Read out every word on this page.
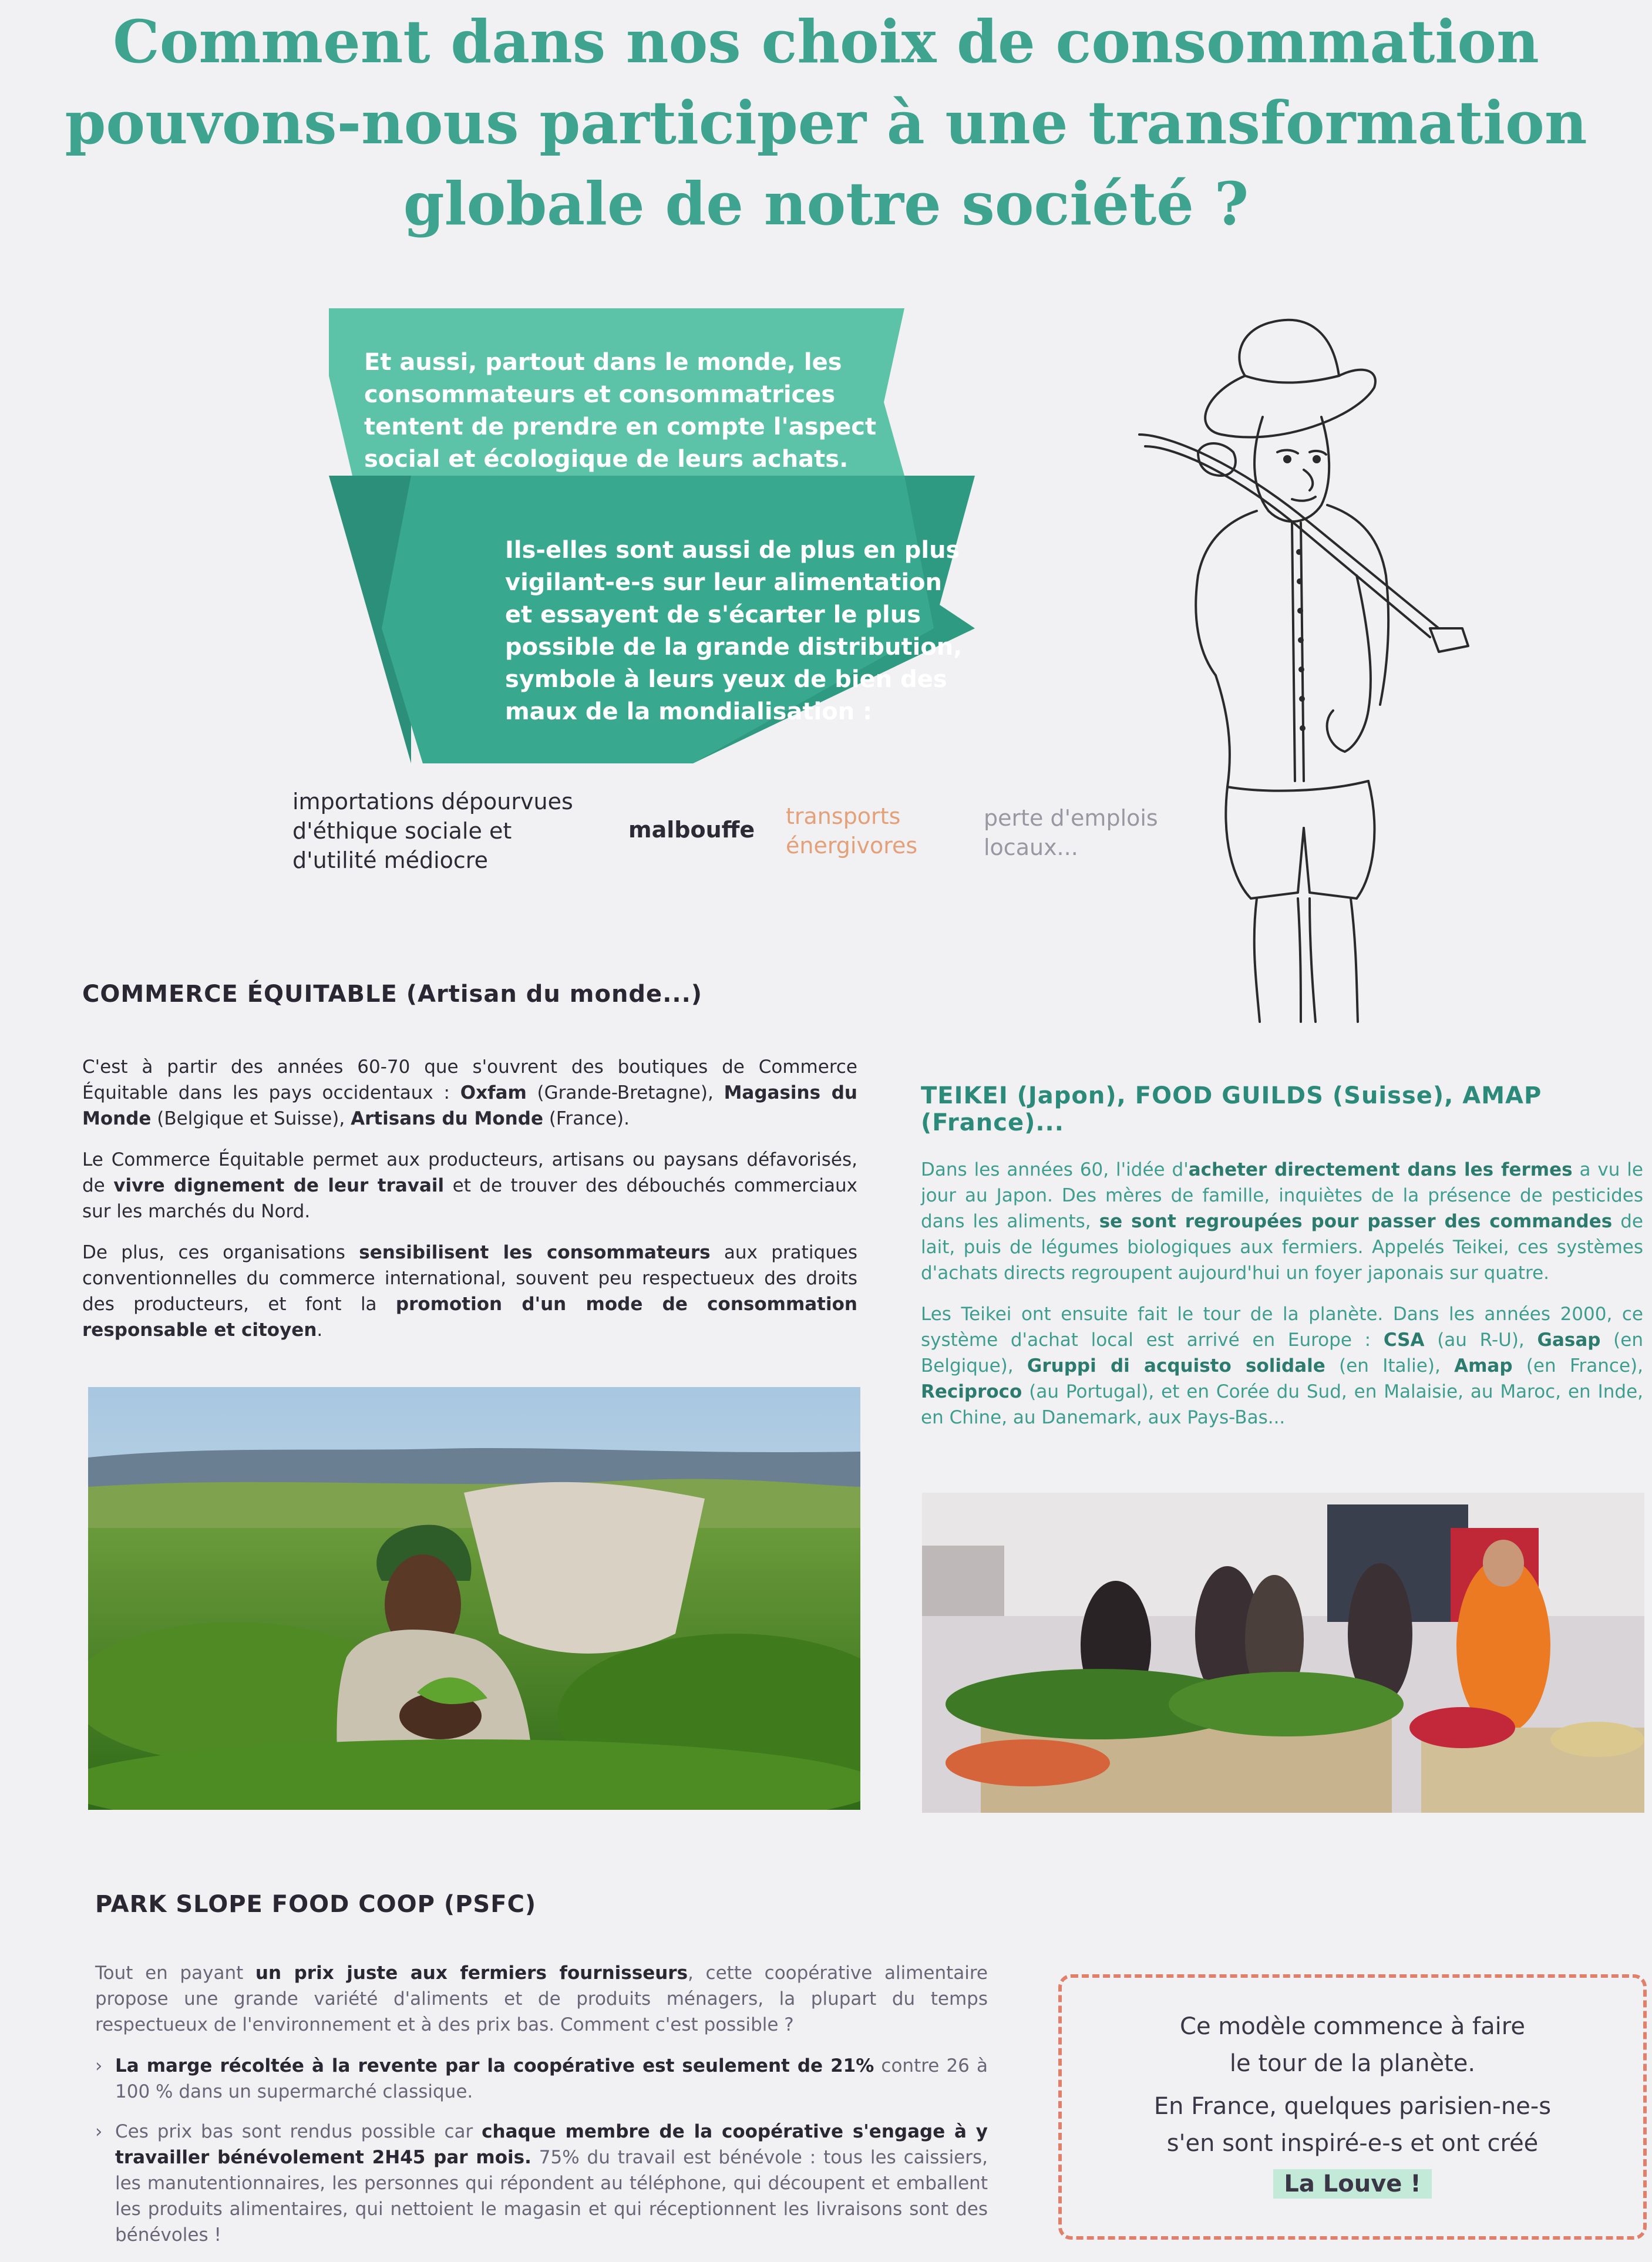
Comment dans nos choix de consommation
pouvons-nous participer à une transformation
globale de notre société ?
Et aussi, partout dans le monde, les consommateurs et consommatrices tentent de prendre en compte l'aspect social et écologique de leurs achats.
Ils-elles sont aussi de plus en plus vigilant-e-s sur leur alimentation et essayent de s'écarter le plus possible de la grande distribution, symbole à leurs yeux de bien des maux de la mondialisation :
importations dépourvues d'éthique sociale et d'utilité médiocre
malbouffe
transports énergivores
perte d'emplois locaux...
COMMERCE ÉQUITABLE (Artisan du monde...)

C'est à partir des années 60-70 que s'ouvrent des boutiques de Commerce Équitable dans les pays occidentaux : Oxfam (Grande-Bretagne), Magasins du Monde (Belgique et Suisse), Artisans du Monde (France).

Le Commerce Équitable permet aux producteurs, artisans ou paysans défavorisés, de vivre dignement de leur travail et de trouver des débouchés commerciaux sur les marchés du Nord.

De plus, ces organisations sensibilisent les consommateurs aux pratiques conventionnelles du commerce international, souvent peu respectueux des droits des producteurs, et font la promotion d'un mode de consommation responsable et citoyen.

TEIKEI (Japon), FOOD GUILDS (Suisse), AMAP (France)...

Dans les années 60, l'idée d'acheter directement dans les fermes a vu le jour au Japon. Des mères de famille, inquiètes de la présence de pesticides dans les aliments, se sont regroupées pour passer des commandes de lait, puis de légumes biologiques aux fermiers. Appelés Teikei, ces systèmes d'achats directs regroupent aujourd'hui un foyer japonais sur quatre.

Les Teikei ont ensuite fait le tour de la planète. Dans les années 2000, ce système d'achat local est arrivé en Europe : CSA (au R-U), Gasap (en Belgique), Gruppi di acquisto solidale (en Italie), Amap (en France), Reciproco (au Portugal), et en Corée du Sud, en Malaisie, au Maroc, en Inde, en Chine, au Danemark, aux Pays-Bas...

PARK SLOPE FOOD COOP (PSFC)

Tout en payant un prix juste aux fermiers fournisseurs, cette coopérative alimentaire propose une grande variété d'aliments et de produits ménagers, la plupart du temps respectueux de l'environnement et à des prix bas. Comment c'est possible ?

› La marge récoltée à la revente par la coopérative est seulement de 21% contre 26 à 100 % dans un supermarché classique.
› Ces prix bas sont rendus possible car chaque membre de la coopérative s'engage à y travailler bénévolement 2H45 par mois. 75% du travail est bénévole : tous les caissiers, les manutentionnaires, les personnes qui répondent au téléphone, qui découpent et emballent les produits alimentaires, qui nettoient le magasin et qui réceptionnent les livraisons sont des bénévoles !
Ce modèle commence à faire
le tour de la planète.
En France, quelques parisien-ne-s
s'en sont inspiré-e-s et ont créé
La Louve !
